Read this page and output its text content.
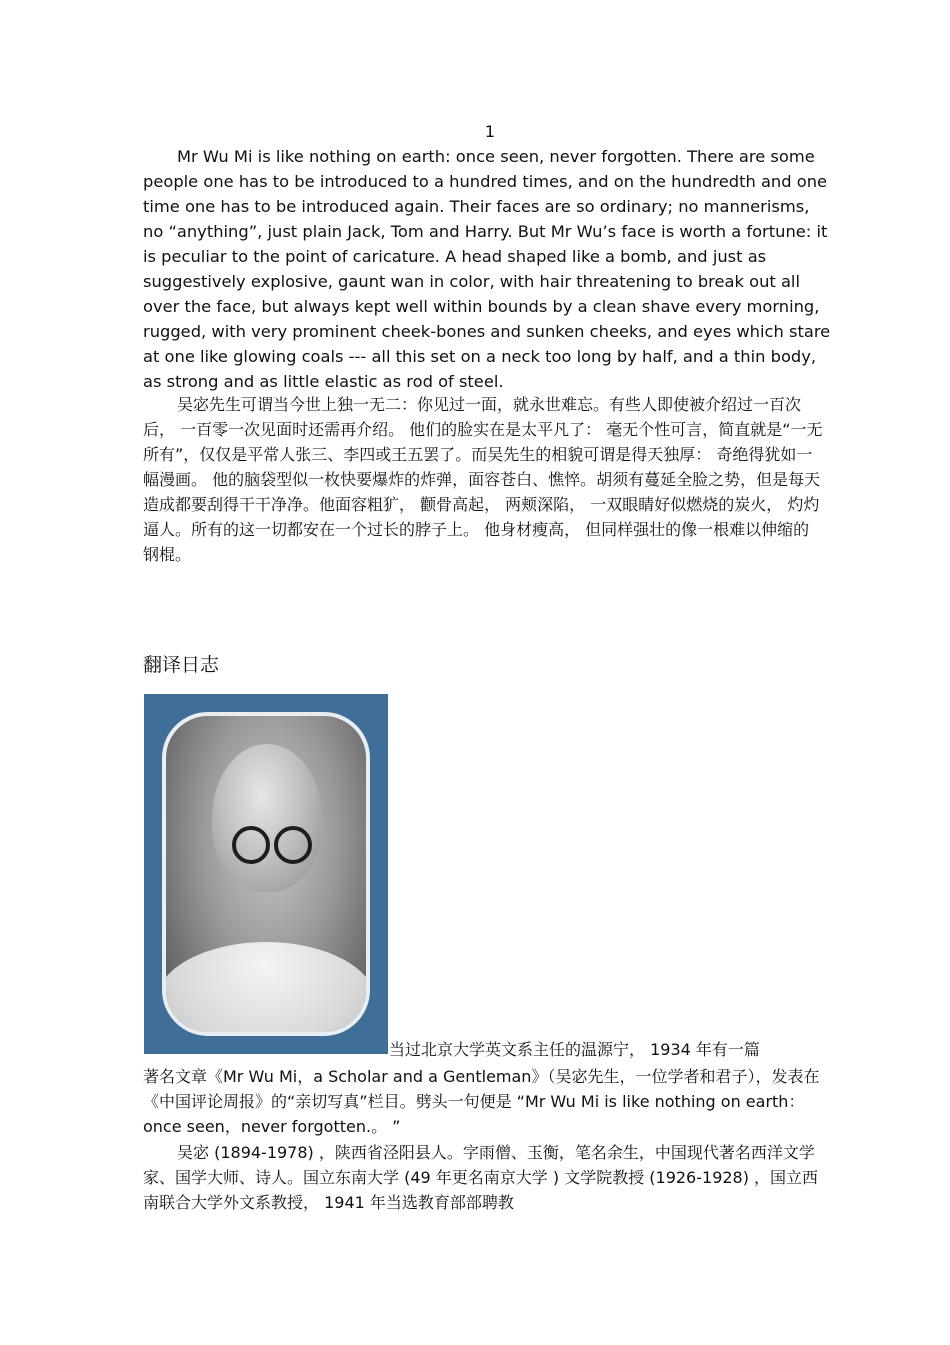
1

Mr Wu Mi is like nothing on earth: once seen, never forgotten. There are some people one has to be introduced to a hundred times, and on the hundredth and one time one has to be introduced again. Their faces are so ordinary; no mannerisms, no “anything”, just plain Jack, Tom and Harry. But Mr Wu’s face is worth a fortune: it is peculiar to the point of caricature. A head shaped like a bomb, and just as suggestively explosive, gaunt wan in color, with hair threatening to break out all over the face, but always kept well within bounds by a clean shave every morning, rugged, with very prominent cheek-bones and sunken cheeks, and eyes which stare at one like glowing coals --- all this set on a neck too long by half, and a thin body, as strong and as little elastic as rod of steel.

吴宓先生可谓当今世上独一无二：你见过一面，就永世难忘。有些人即使被介绍过一百次后， 一百零一次见面时还需再介绍。 他们的脸实在是太平凡了： 毫无个性可言，简直就是“一无所有”，仅仅是平常人张三、李四或王五罢了。而吴先生的相貌可谓是得天独厚： 奇绝得犹如一幅漫画。 他的脑袋型似一枚快要爆炸的炸弹，面容苍白、憔悴。胡须有蔓延全脸之势，但是每天造成都要刮得干干净净。他面容粗犷， 颧骨高起， 两颊深陷， 一双眼睛好似燃烧的炭火， 灼灼逼人。所有的这一切都安在一个过长的脖子上。 他身材瘦高， 但同样强壮的像一根难以伸缩的钢棍。

翻译日志

当过北京大学英文系主任的温源宁， 1934 年有一篇

著名文章《Mr Wu Mi，a Scholar and a Gentleman》（吴宓先生，一位学者和君子），发表在《中国评论周报》的“亲切写真”栏目。劈头一句便是 “Mr Wu Mi is like nothing on earth：once seen，never forgotten.。 ”

吴宓 (1894-1978) ，陕西省泾阳县人。字雨僧、玉衡，笔名余生，中国现代著名西洋文学家、国学大师、诗人。国立东南大学 (49 年更名南京大学 ) 文学院教授 (1926-1928) ，国立西南联合大学外文系教授， 1941 年当选教育部部聘教
